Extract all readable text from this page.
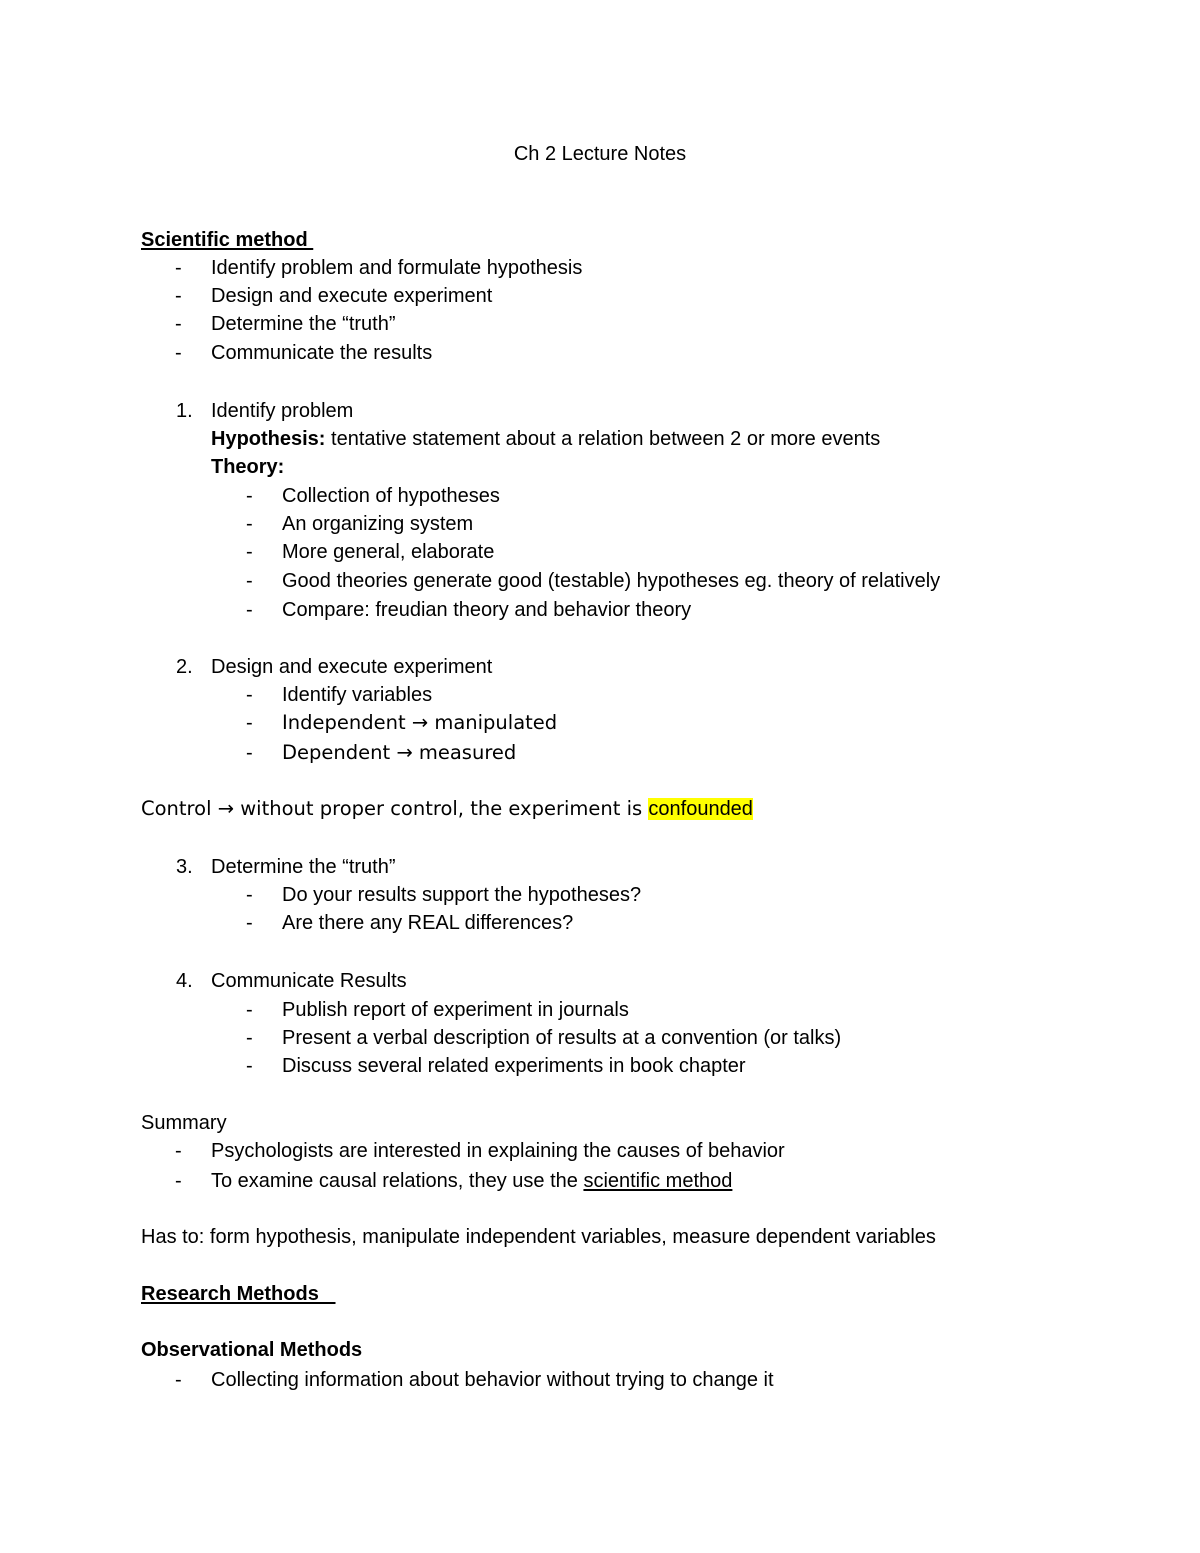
Ch 2 Lecture Notes
Scientific method
- Identify problem and formulate hypothesis
- Design and execute experiment
- Determine the “truth”
- Communicate the results
1. Identify problem
Hypothesis: tentative statement about a relation between 2 or more events
Theory:
- Collection of hypotheses
- An organizing system
- More general, elaborate
- Good theories generate good (testable) hypotheses eg. theory of relatively
- Compare: freudian theory and behavior theory
2. Design and execute experiment
- Identify variables
- Independent → manipulated
- Dependent → measured
Control → without proper control, the experiment is confounded
3. Determine the “truth”
- Do your results support the hypotheses?
- Are there any REAL differences?
4. Communicate Results
- Publish report of experiment in journals
- Present a verbal description of results at a convention (or talks)
- Discuss several related experiments in book chapter
Summary
- Psychologists are interested in explaining the causes of behavior
- To examine causal relations, they use the scientific method
Has to: form hypothesis, manipulate independent variables, measure dependent variables
Research Methods
Observational Methods
- Collecting information about behavior without trying to change it
